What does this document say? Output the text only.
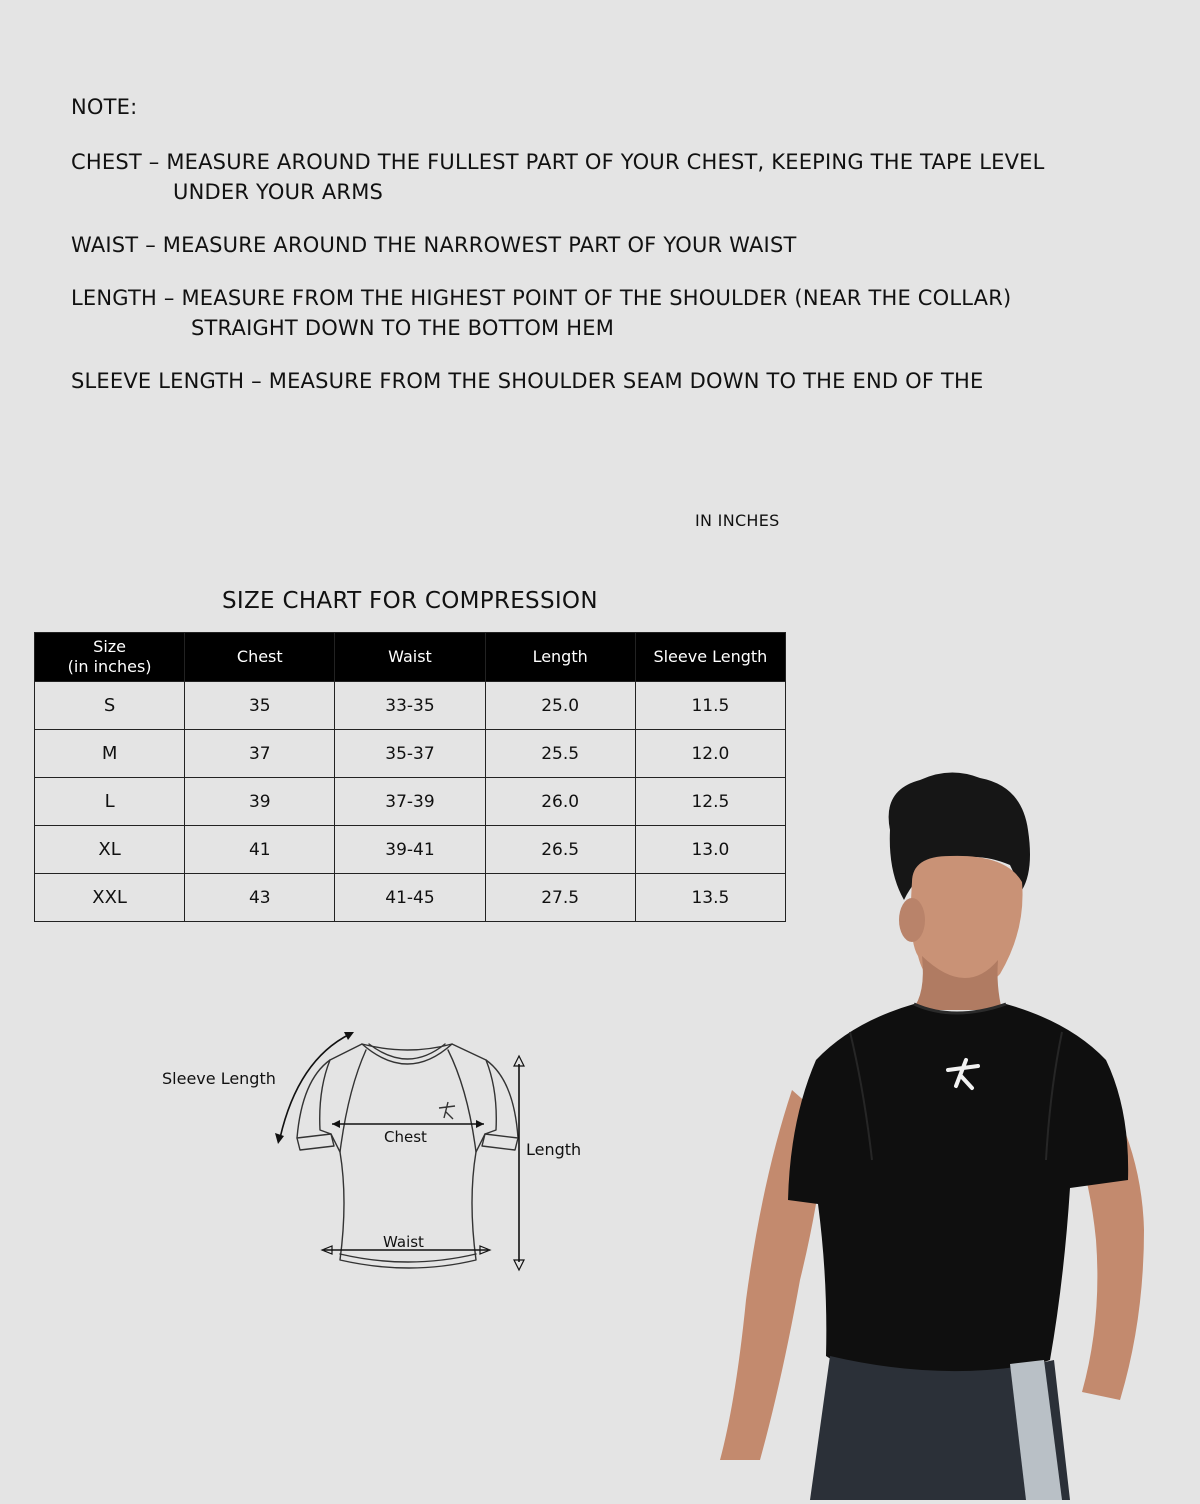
NOTE:
CHEST – MEASURE AROUND THE FULLEST PART OF YOUR CHEST, KEEPING THE TAPE LEVEL
UNDER YOUR ARMS
WAIST – MEASURE AROUND THE NARROWEST PART OF YOUR WAIST
LENGTH – MEASURE FROM THE HIGHEST POINT OF THE SHOULDER (NEAR THE COLLAR)
STRAIGHT DOWN TO THE BOTTOM HEM
SLEEVE LENGTH – MEASURE FROM THE SHOULDER SEAM DOWN TO THE END OF THE
IN INCHES
SIZE CHART FOR COMPRESSION
Size
(in inches)	Chest	Waist	Length	Sleeve Length
S	35	33-35	25.0	11.5
M	37	35-37	25.5	12.0
L	39	37-39	26.0	12.5
XL	41	39-41	26.5	13.0
XXL	43	41-45	27.5	13.5
Sleeve Length
Chest
Length
Waist
